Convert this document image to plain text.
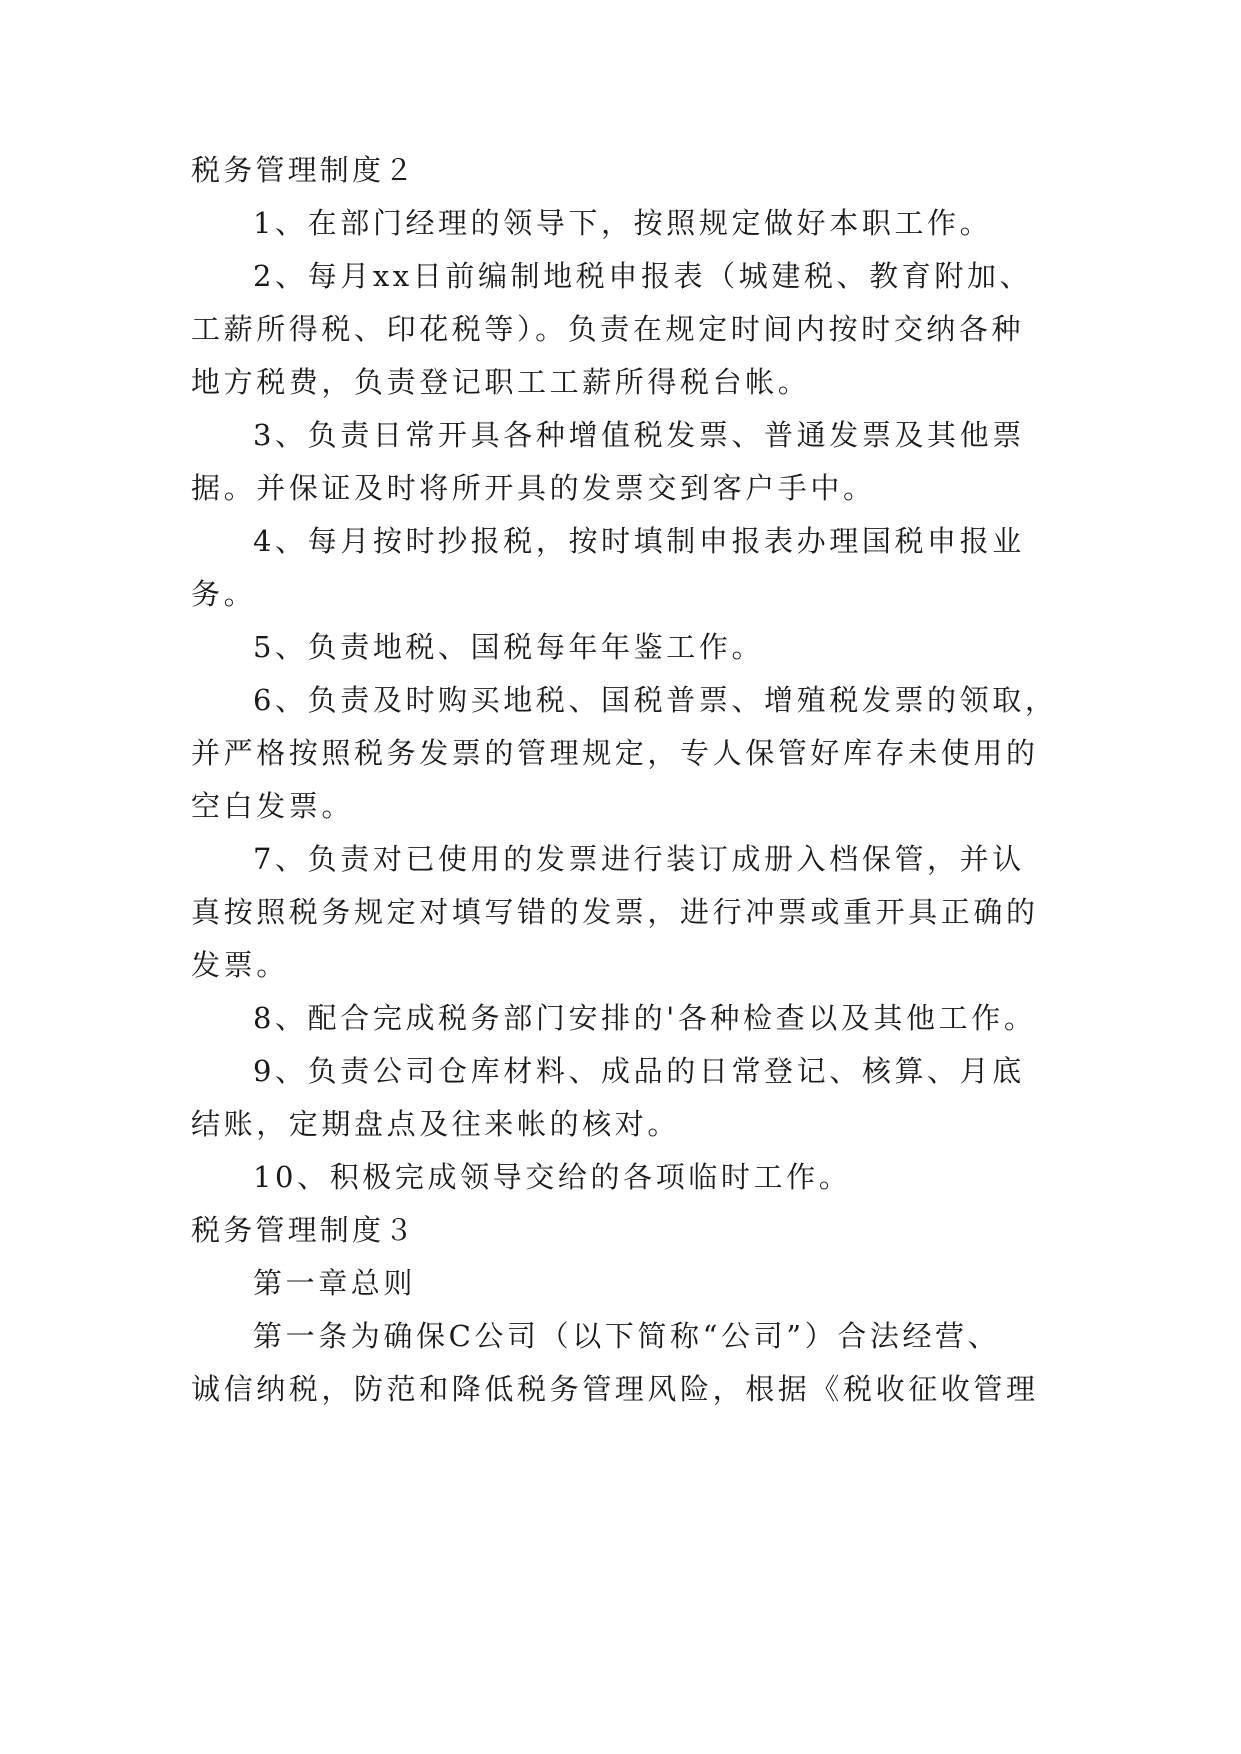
税务管理制度２

1、在部门经理的领导下，按照规定做好本职工作。

2、每月xx日前编制地税申报表（城建税、教育附加、

工薪所得税、印花税等）。负责在规定时间内按时交纳各种

地方税费，负责登记职工工薪所得税台帐。

3、负责日常开具各种增值税发票、普通发票及其他票

据。并保证及时将所开具的发票交到客户手中。

4、每月按时抄报税，按时填制申报表办理国税申报业

务。

5、负责地税、国税每年年鉴工作。

6、负责及时购买地税、国税普票、增殖税发票的领取，

并严格按照税务发票的管理规定，专人保管好库存未使用的

空白发票。

7、负责对已使用的发票进行装订成册入档保管，并认

真按照税务规定对填写错的发票，进行冲票或重开具正确的

发票。

8、配合完成税务部门安排的'各种检查以及其他工作。

9、负责公司仓库材料、成品的日常登记、核算、月底

结账，定期盘点及往来帐的核对。

10、积极完成领导交给的各项临时工作。

税务管理制度３

第一章总则

第一条为确保C公司（以下简称“公司”）合法经营、

诚信纳税，防范和降低税务管理风险，根据《税收征收管理
